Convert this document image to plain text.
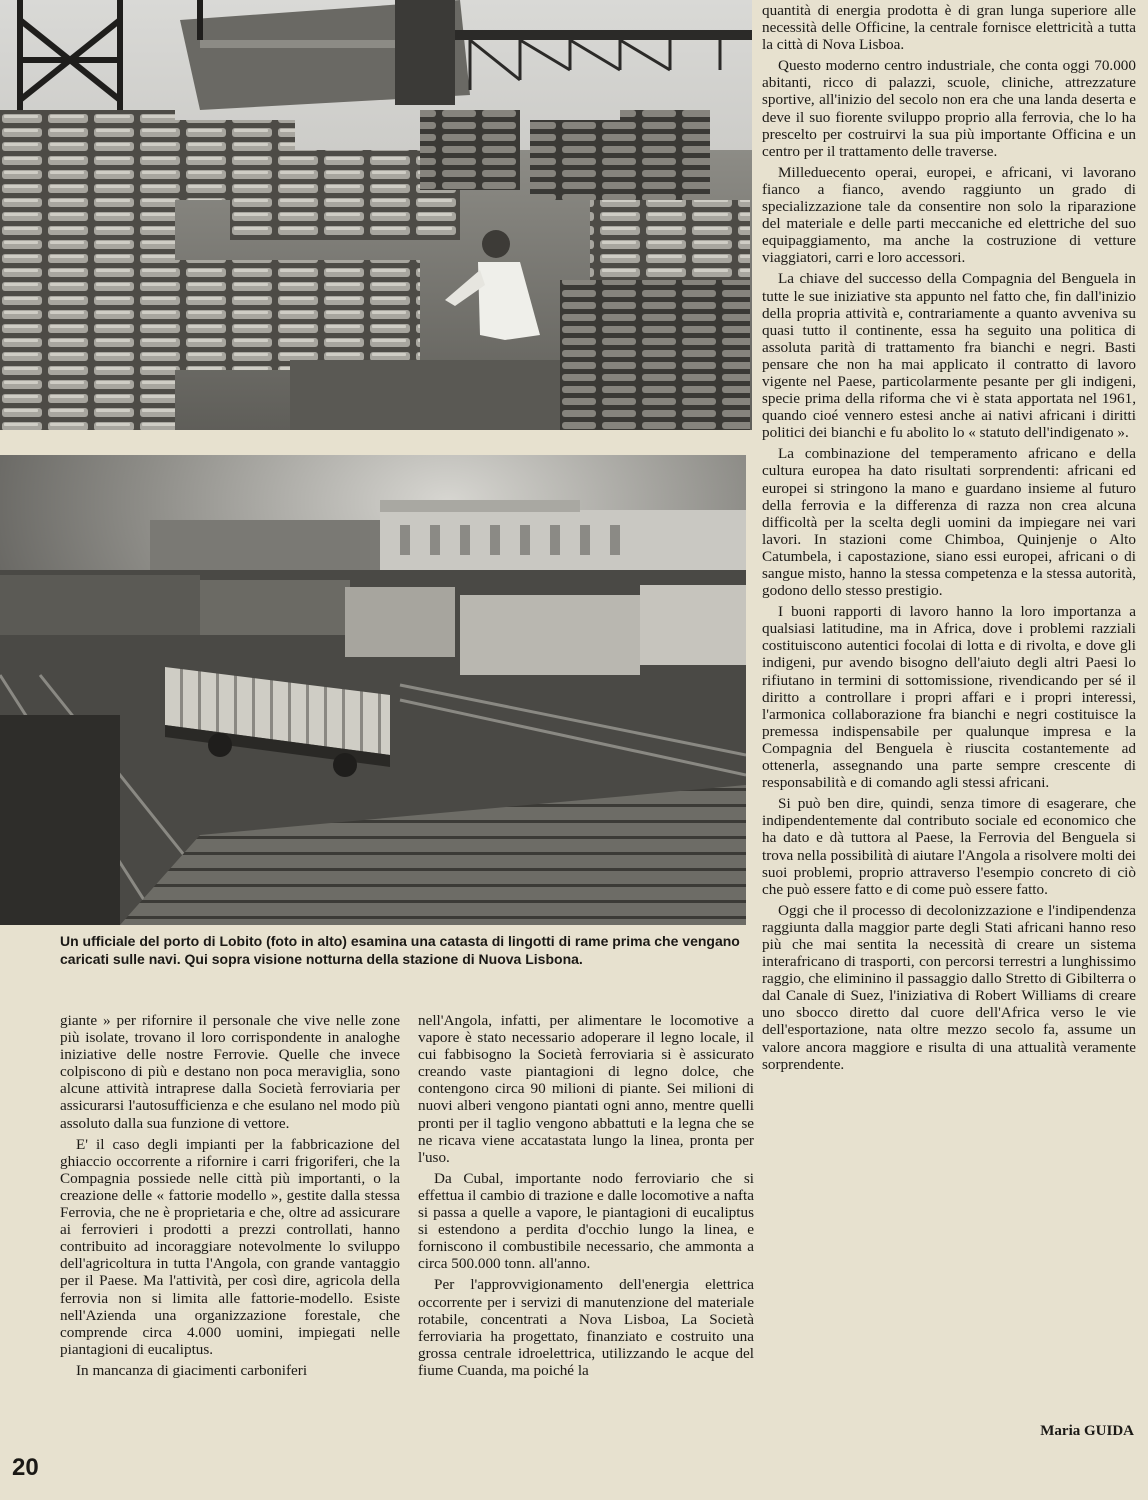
Un ufficiale del porto di Lobito (foto in alto) esamina una catasta di lingotti di rame prima che vengano caricati sulle navi. Qui sopra visione notturna della stazione di Nuova Lisbona.

giante » per rifornire il personale che vive nelle zone più isolate, trovano il loro corrispondente in analoghe iniziative delle nostre Ferrovie. Quelle che invece colpiscono di più e destano non poca meraviglia, sono alcune attività intraprese dalla Società ferroviaria per assicurarsi l'autosufficienza e che esulano nel modo più assoluto dalla sua funzione di vettore.

E' il caso degli impianti per la fabbricazione del ghiaccio occorrente a rifornire i carri frigoriferi, che la Compagnia possiede nelle città più importanti, o la creazione delle « fattorie modello », gestite dalla stessa Ferrovia, che ne è proprietaria e che, oltre ad assicurare ai ferrovieri i prodotti a prezzi controllati, hanno contribuito ad incoraggiare notevolmente lo sviluppo dell'agricoltura in tutta l'Angola, con grande vantaggio per il Paese. Ma l'attività, per così dire, agricola della ferrovia non si limita alle fattorie-modello. Esiste nell'Azienda una organizzazione forestale, che comprende circa 4.000 uomini, impiegati nelle piantagioni di eucaliptus.

In mancanza di giacimenti carboniferi

nell'Angola, infatti, per alimentare le locomotive a vapore è stato necessario adoperare il legno locale, il cui fabbisogno la Società ferroviaria si è assicurato creando vaste piantagioni di legno dolce, che contengono circa 90 milioni di piante. Sei milioni di nuovi alberi vengono piantati ogni anno, mentre quelli pronti per il taglio vengono abbattuti e la legna che se ne ricava viene accatastata lungo la linea, pronta per l'uso.

Da Cubal, importante nodo ferroviario che si effettua il cambio di trazione e dalle locomotive a nafta si passa a quelle a vapore, le piantagioni di eucaliptus si estendono a perdita d'occhio lungo la linea, e forniscono il combustibile necessario, che ammonta a circa 500.000 tonn. all'anno.

Per l'approvvigionamento dell'energia elettrica occorrente per i servizi di manutenzione del materiale rotabile, concentrati a Nova Lisboa, La Società ferroviaria ha progettato, finanziato e costruito una grossa centrale idroelettrica, utilizzando le acque del fiume Cuanda, ma poiché la

quantità di energia prodotta è di gran lunga superiore alle necessità delle Officine, la centrale fornisce elettricità a tutta la città di Nova Lisboa.

Questo moderno centro industriale, che conta oggi 70.000 abitanti, ricco di palazzi, scuole, cliniche, attrezzature sportive, all'inizio del secolo non era che una landa deserta e deve il suo fiorente sviluppo proprio alla ferrovia, che lo ha prescelto per costruirvi la sua più importante Officina e un centro per il trattamento delle traverse.

Milleduecento operai, europei, e africani, vi lavorano fianco a fianco, avendo raggiunto un grado di specializzazione tale da consentire non solo la riparazione del materiale e delle parti meccaniche ed elettriche del suo equipaggiamento, ma anche la costruzione di vetture viaggiatori, carri e loro accessori.

La chiave del successo della Compagnia del Benguela in tutte le sue iniziative sta appunto nel fatto che, fin dall'inizio della propria attività e, contrariamente a quanto avveniva su quasi tutto il continente, essa ha seguito una politica di assoluta parità di trattamento fra bianchi e negri. Basti pensare che non ha mai applicato il contratto di lavoro vigente nel Paese, particolarmente pesante per gli indigeni, specie prima della riforma che vi è stata apportata nel 1961, quando cioé vennero estesi anche ai nativi africani i diritti politici dei bianchi e fu abolito lo « statuto dell'indigenato ».

La combinazione del temperamento africano e della cultura europea ha dato risultati sorprendenti: africani ed europei si stringono la mano e guardano insieme al futuro della ferrovia e la differenza di razza non crea alcuna difficoltà per la scelta degli uomini da impiegare nei vari lavori. In stazioni come Chimboa, Quinjenje o Alto Catumbela, i capostazione, siano essi europei, africani o di sangue misto, hanno la stessa competenza e la stessa autorità, godono dello stesso prestigio.

I buoni rapporti di lavoro hanno la loro importanza a qualsiasi latitudine, ma in Africa, dove i problemi razziali costituiscono autentici focolai di lotta e di rivolta, e dove gli indigeni, pur avendo bisogno dell'aiuto degli altri Paesi lo rifiutano in termini di sottomissione, rivendicando per sé il diritto a controllare i propri affari e i propri interessi, l'armonica collaborazione fra bianchi e negri costituisce la premessa indispensabile per qualunque impresa e la Compagnia del Benguela è riuscita costantemente ad ottenerla, assegnando una parte sempre crescente di responsabilità e di comando agli stessi africani.

Si può ben dire, quindi, senza timore di esagerare, che indipendentemente dal contributo sociale ed economico che ha dato e dà tuttora al Paese, la Ferrovia del Benguela si trova nella possibilità di aiutare l'Angola a risolvere molti dei suoi problemi, proprio attraverso l'esempio concreto di ciò che può essere fatto e di come può essere fatto.

Oggi che il processo di decolonizzazione e l'indipendenza raggiunta dalla maggior parte degli Stati africani hanno reso più che mai sentita la necessità di creare un sistema interafricano di trasporti, con percorsi terrestri a lunghissimo raggio, che eliminino il passaggio dallo Stretto di Gibilterra o dal Canale di Suez, l'iniziativa di Robert Williams di creare uno sbocco diretto dal cuore dell'Africa verso le vie dell'esportazione, nata oltre mezzo secolo fa, assume un valore ancora maggiore e risulta di una attualità veramente sorprendente.

Maria GUIDA

20
